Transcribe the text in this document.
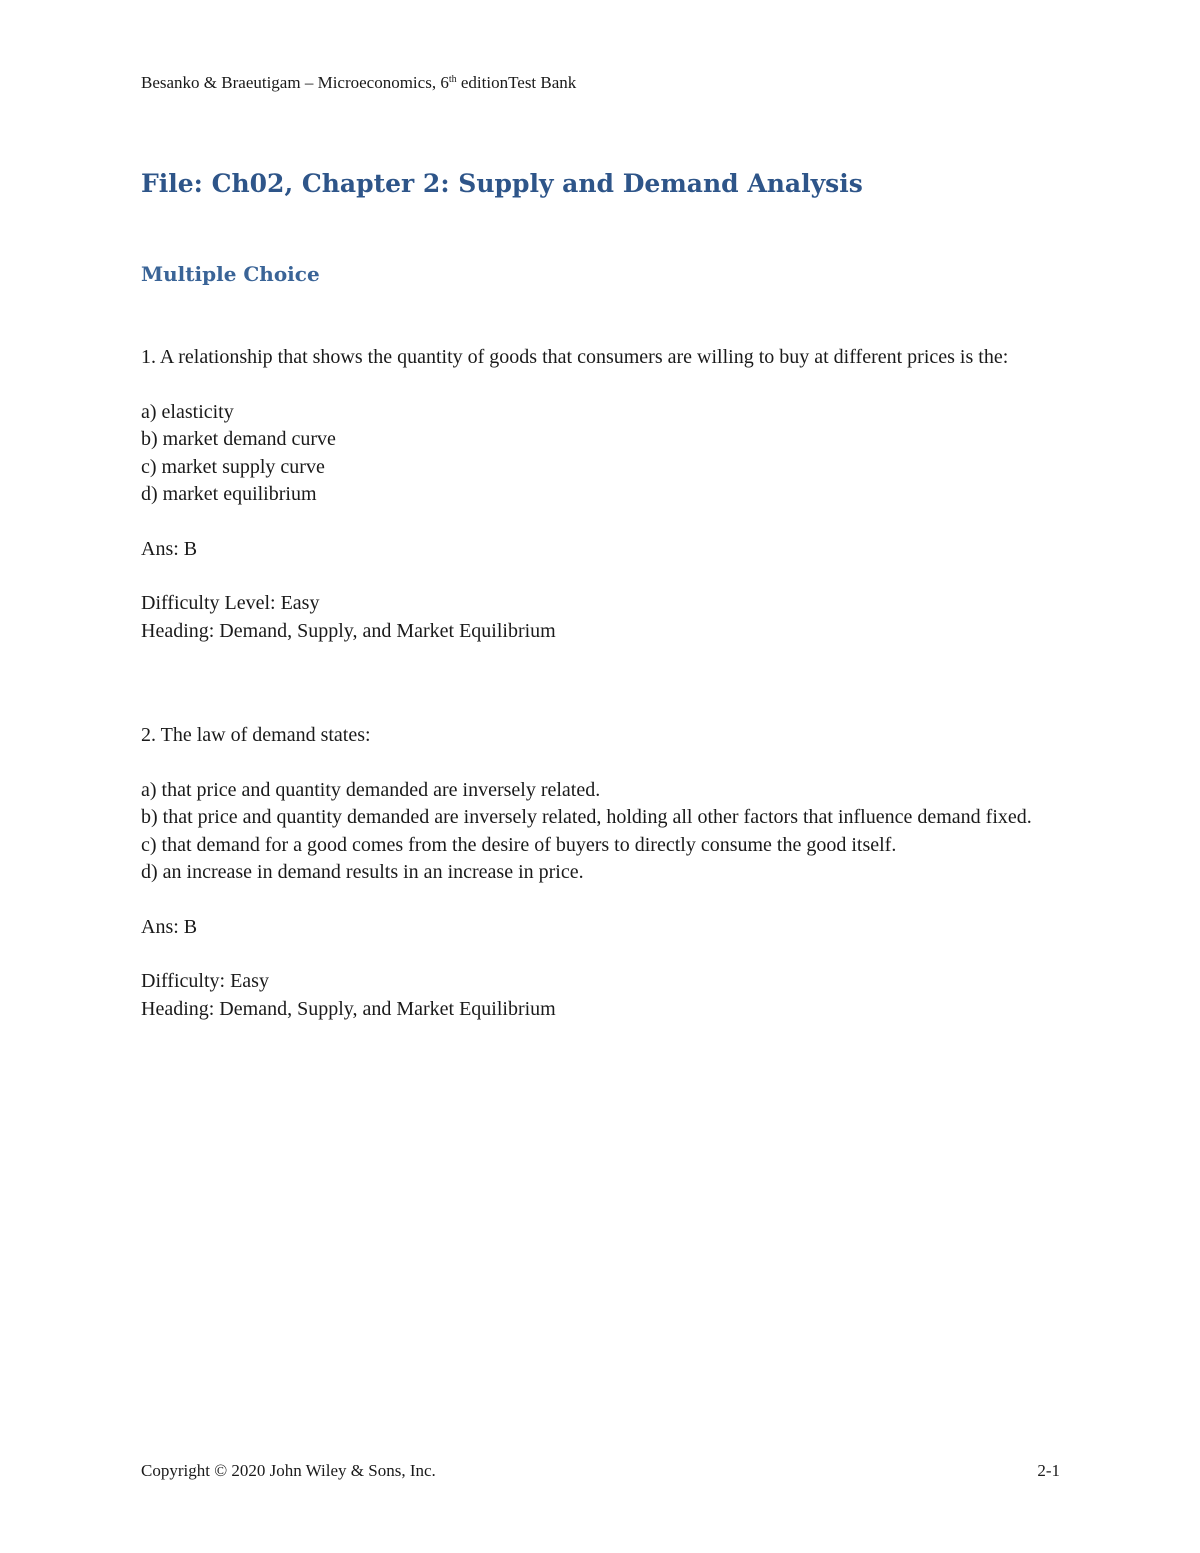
Besanko & Braeutigam – Microeconomics, 6th editionTest Bank
File: Ch02, Chapter 2: Supply and Demand Analysis
Multiple Choice

1. A relationship that shows the quantity of goods that consumers are willing to buy at different prices is the:

a) elasticity

b) market demand curve

c) market supply curve

d) market equilibrium

Ans: B

Difficulty Level: Easy

Heading: Demand, Supply, and Market Equilibrium

2. The law of demand states:

a) that price and quantity demanded are inversely related.

b) that price and quantity demanded are inversely related, holding all other factors that influence demand fixed.

c) that demand for a good comes from the desire of buyers to directly consume the good itself.

d) an increase in demand results in an increase in price.

Ans: B

Difficulty: Easy

Heading: Demand, Supply, and Market Equilibrium

Copyright © 2020 John Wiley & Sons, Inc.	2-1
